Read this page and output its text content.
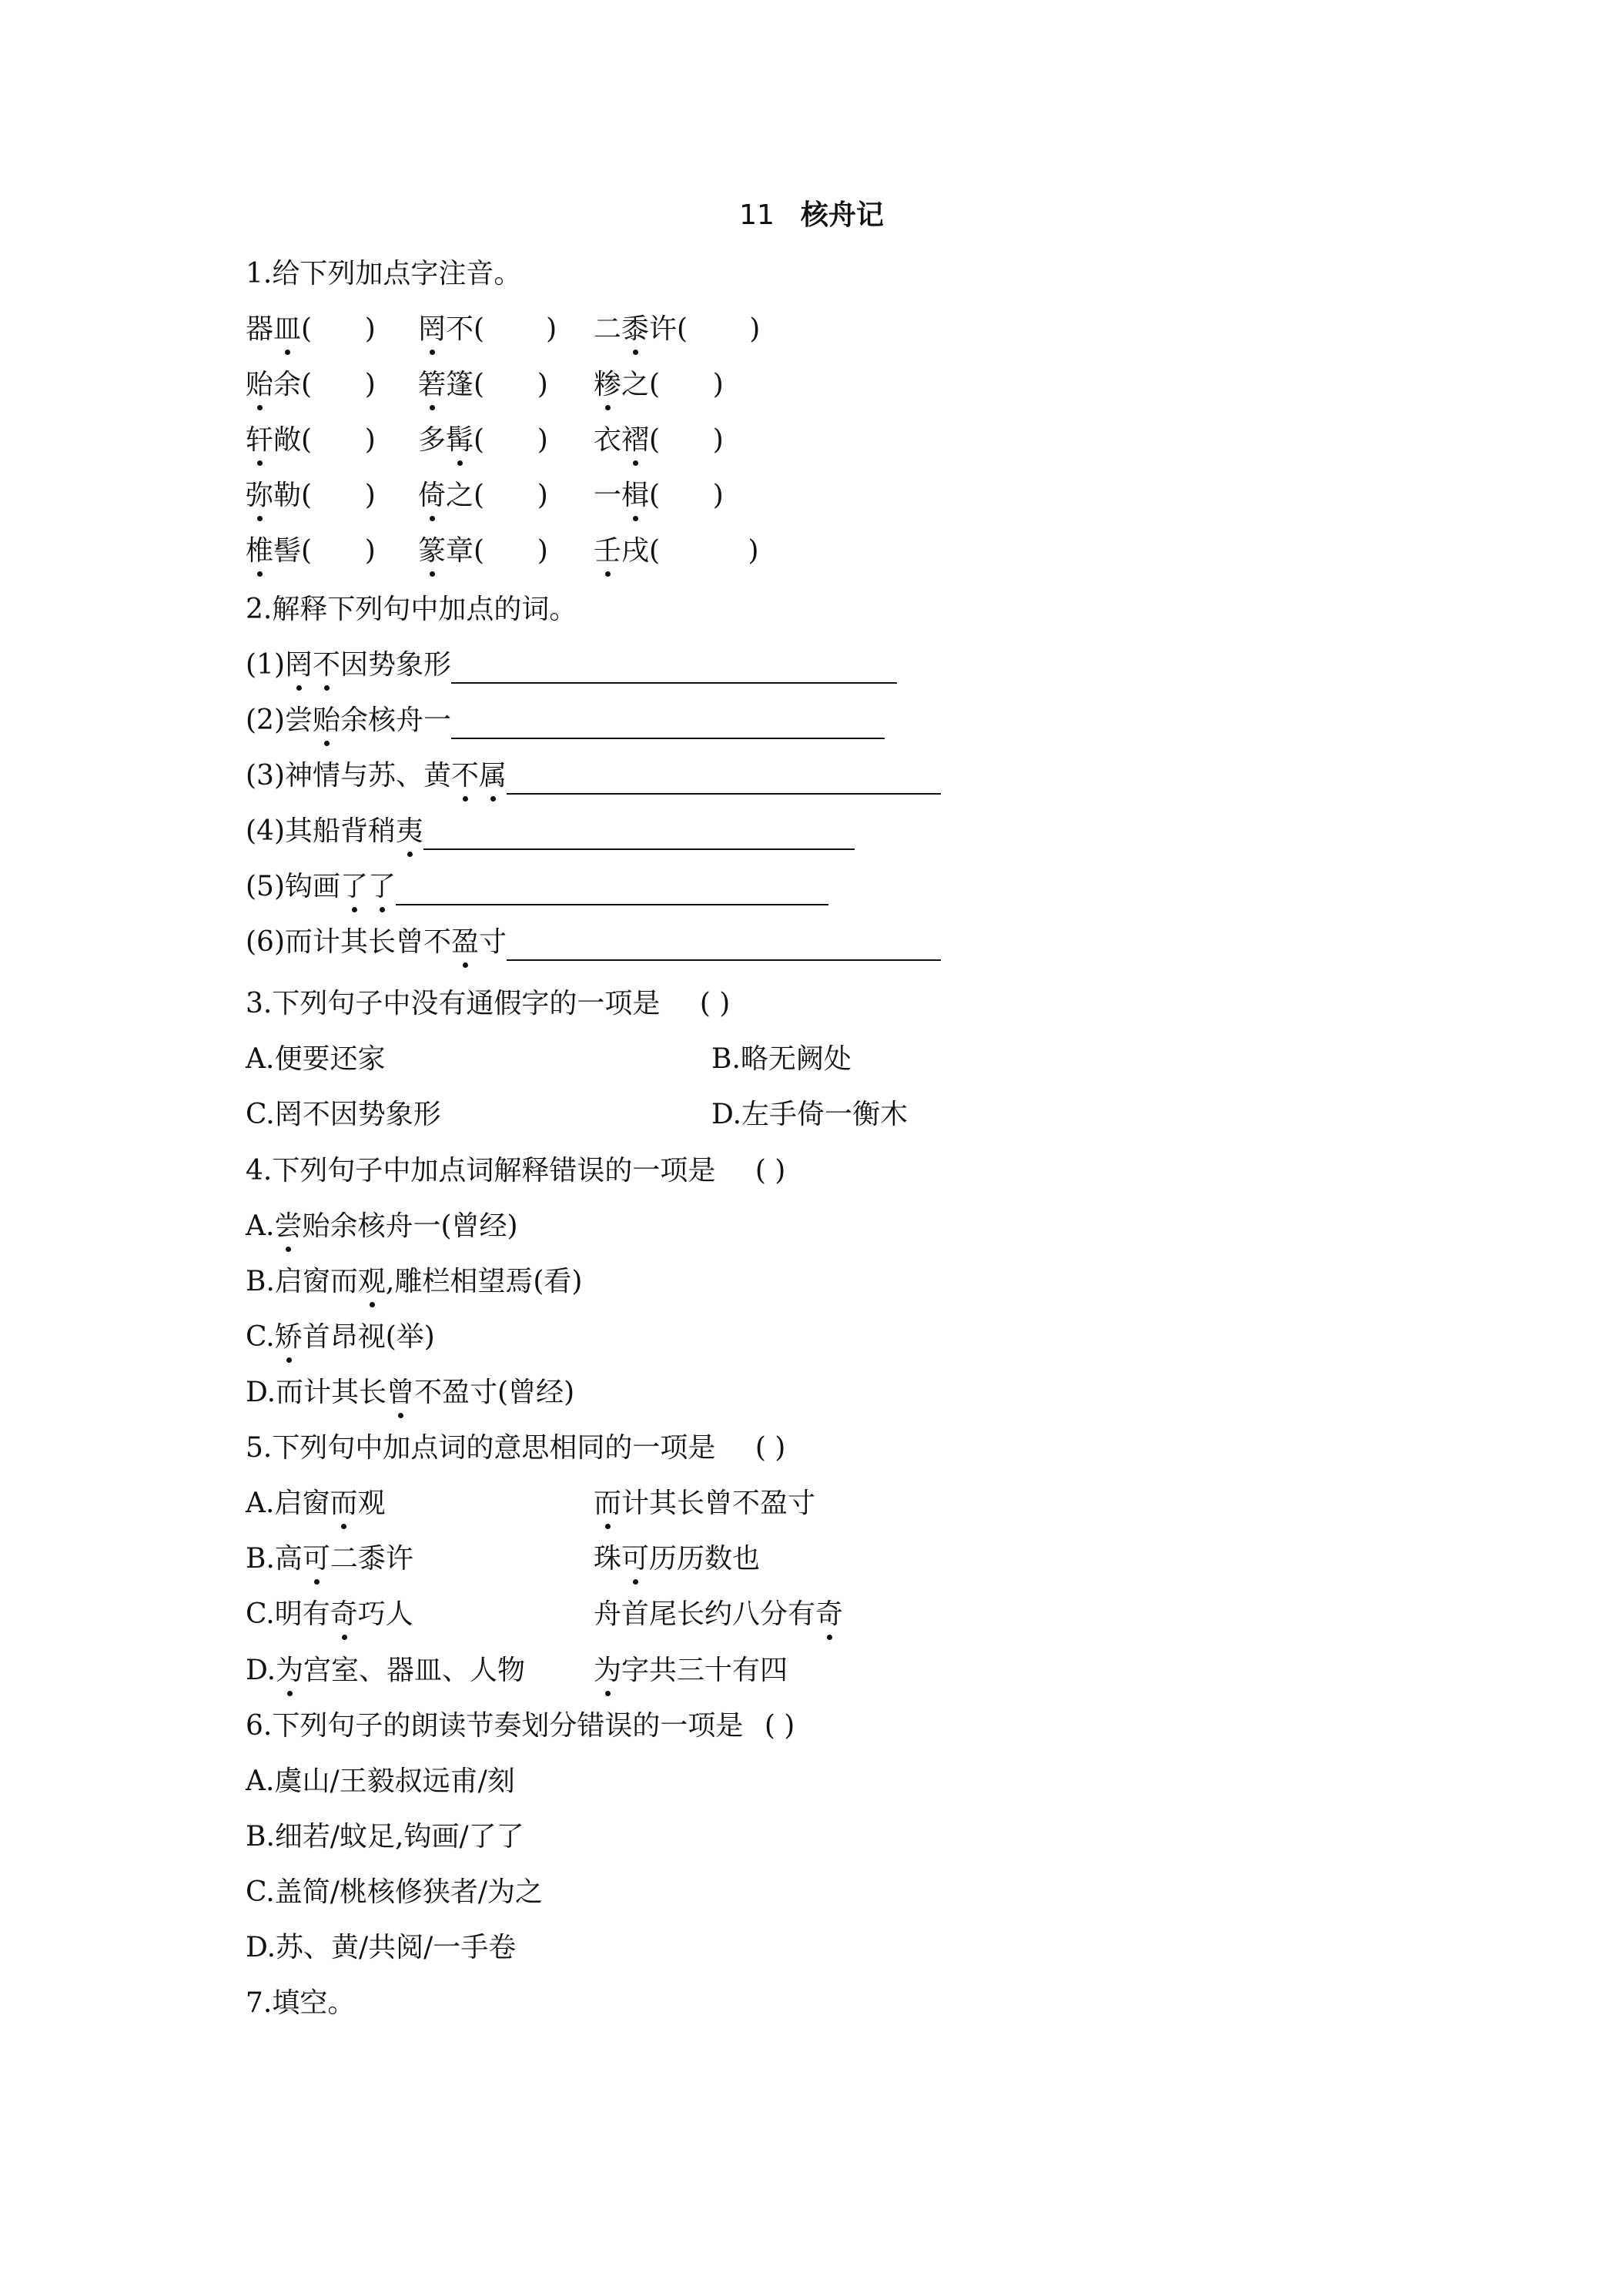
11 核舟记
1.给下列加点字注音。
器皿( ) 罔不( ) 二黍许( )
贻余( ) 箬篷( ) 糁之( )
轩敞( ) 多髯( ) 衣褶( )
弥勒( ) 倚之( ) 一楫( )
椎髻( ) 篆章( ) 壬戌(	)
2.解释下列句中加点的词。
(1)罔不因势象形
(2)尝贻余核舟一
(3)神情与苏、黄不属
(4)其船背稍夷
(5)钩画了了
(6)而计其长曾不盈寸
3.下列句子中没有通假字的一项是 ( )
A.便要还家	B.略无阙处
C.罔不因势象形	D.左手倚一衡木
4.下列句子中加点词解释错误的一项是 ( )
A.尝贻余核舟一(曾经)
B.启窗而观,雕栏相望焉(看)
C.矫首昂视(举)
D.而计其长曾不盈寸(曾经)
5.下列句中加点词的意思相同的一项是 ( )
A.启窗而观	而计其长曾不盈寸
B.高可二黍许	珠可历历数也
C.明有奇巧人	舟首尾长约八分有奇
D.为宫室、器皿、人物 为字共三十有四
6.下列句子的朗读节奏划分错误的一项是 ( )
A.虞山/王毅叔远甫/刻
B.细若/蚊足,钩画/了了
C.盖简/桃核修狭者/为之
D.苏、黄/共阅/一手卷
7.填空。
